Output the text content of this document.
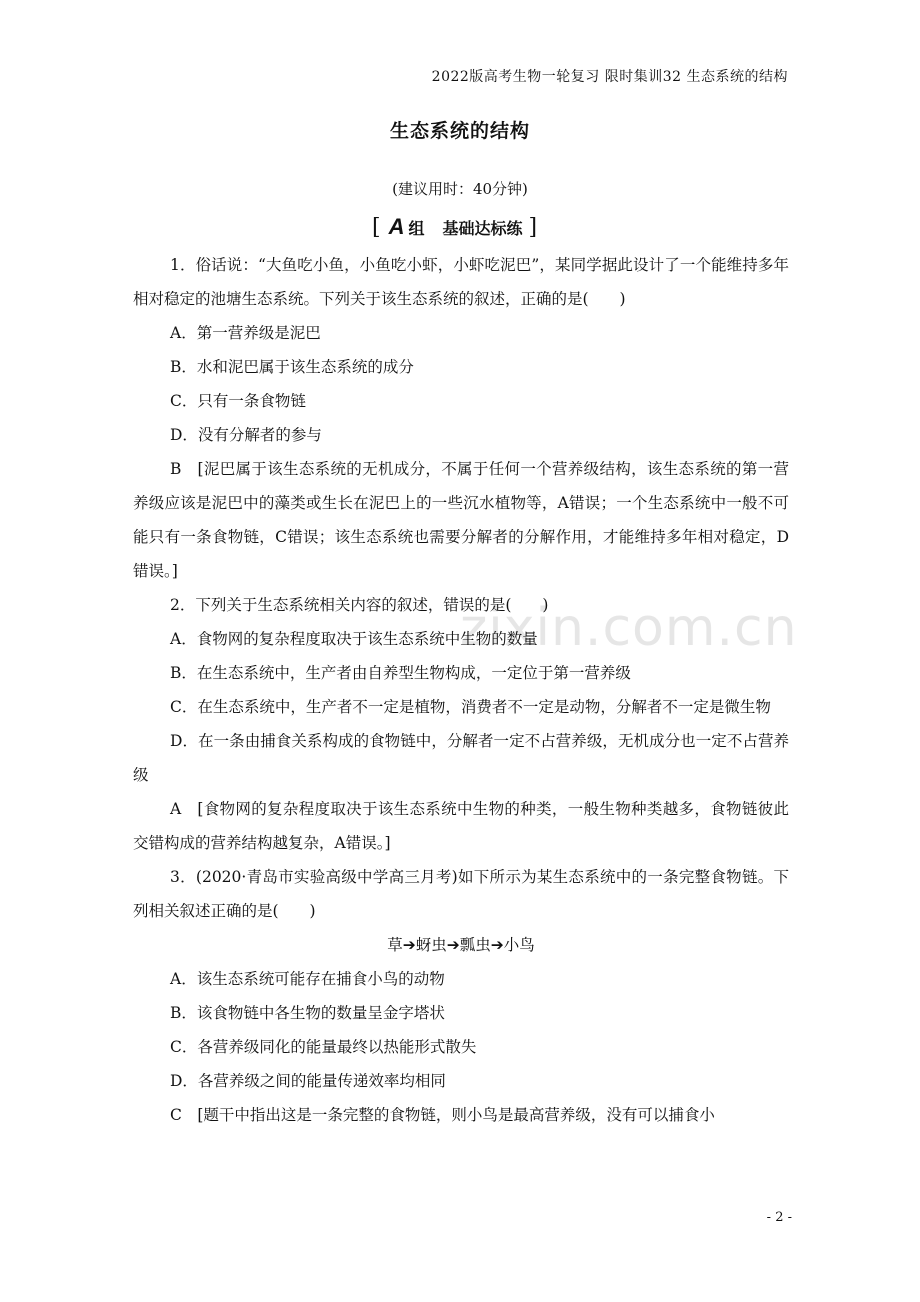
2022版高考生物一轮复习 限时集训32 生态系统的结构
生态系统的结构
(建议用时：40分钟)
[ A 组 基础达标练 ]
zixin.com.cn

1．俗话说：“大鱼吃小鱼，小鱼吃小虾，小虾吃泥巴”，某同学据此设计了一个能维持多年相对稳定的池塘生态系统。下列关于该生态系统的叙述，正确的是(　　)

A．第一营养级是泥巴

B．水和泥巴属于该生态系统的成分

C．只有一条食物链

D．没有分解者的参与

B　[泥巴属于该生态系统的无机成分，不属于任何一个营养级结构，该生态系统的第一营养级应该是泥巴中的藻类或生长在泥巴上的一些沉水植物等，A错误；一个生态系统中一般不可能只有一条食物链，C错误；该生态系统也需要分解者的分解作用，才能维持多年相对稳定，D错误。]

2．下列关于生态系统相关内容的叙述，错误的是(　　)

A．食物网的复杂程度取决于该生态系统中生物的数量

B．在生态系统中，生产者由自养型生物构成，一定位于第一营养级

C．在生态系统中，生产者不一定是植物，消费者不一定是动物，分解者不一定是微生物

D．在一条由捕食关系构成的食物链中，分解者一定不占营养级，无机成分也一定不占营养级

A　[食物网的复杂程度取决于该生态系统中生物的种类，一般生物种类越多，食物链彼此交错构成的营养结构越复杂，A错误。]

3．(2020·青岛市实验高级中学高三月考)如下所示为某生态系统中的一条完整食物链。下列相关叙述正确的是(　　)

草➔蚜虫➔瓢虫➔小鸟

A．该生态系统可能存在捕食小鸟的动物

B．该食物链中各生物的数量呈金字塔状

C．各营养级同化的能量最终以热能形式散失

D．各营养级之间的能量传递效率均相同

C　[题干中指出这是一条完整的食物链，则小鸟是最高营养级，没有可以捕食小

- 2 -
